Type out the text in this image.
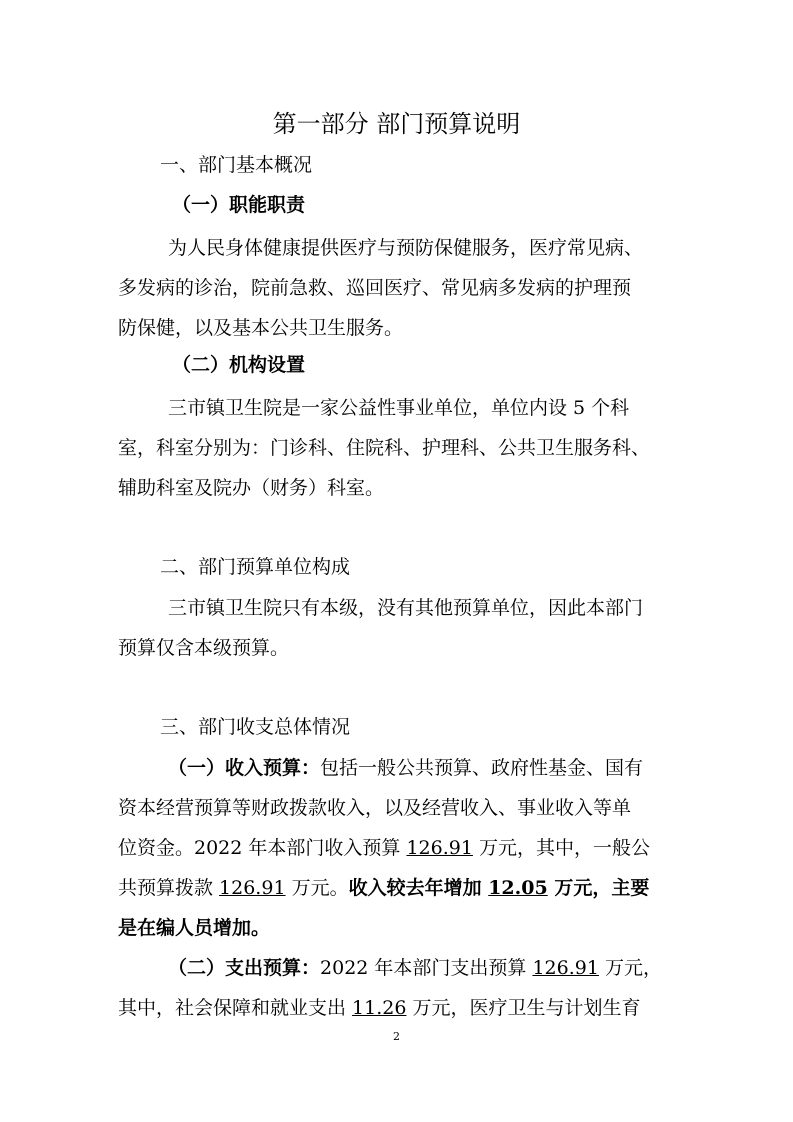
第一部分 部门预算说明
一、部门基本概况
（一）职能职责
为人民身体健康提供医疗与预防保健服务，医疗常见病、
多发病的诊治，院前急救、巡回医疗、常见病多发病的护理预
防保健，以及基本公共卫生服务。
（二）机构设置
三市镇卫生院是一家公益性事业单位，单位内设 5 个科
室，科室分别为：门诊科、住院科、护理科、公共卫生服务科、
辅助科室及院办（财务）科室。
二、部门预算单位构成
三市镇卫生院只有本级，没有其他预算单位，因此本部门
预算仅含本级预算。
三、部门收支总体情况
（一）收入预算：包括一般公共预算、政府性基金、国有
资本经营预算等财政拨款收入，以及经营收入、事业收入等单
位资金。2022 年本部门收入预算 126.91 万元，其中，一般公
共预算拨款 126.91 万元。收入较去年增加 12.05 万元，主要
是在编人员增加。
（二）支出预算：2022 年本部门支出预算 126.91 万元，
其中，社会保障和就业支出 11.26 万元，医疗卫生与计划生育
2
